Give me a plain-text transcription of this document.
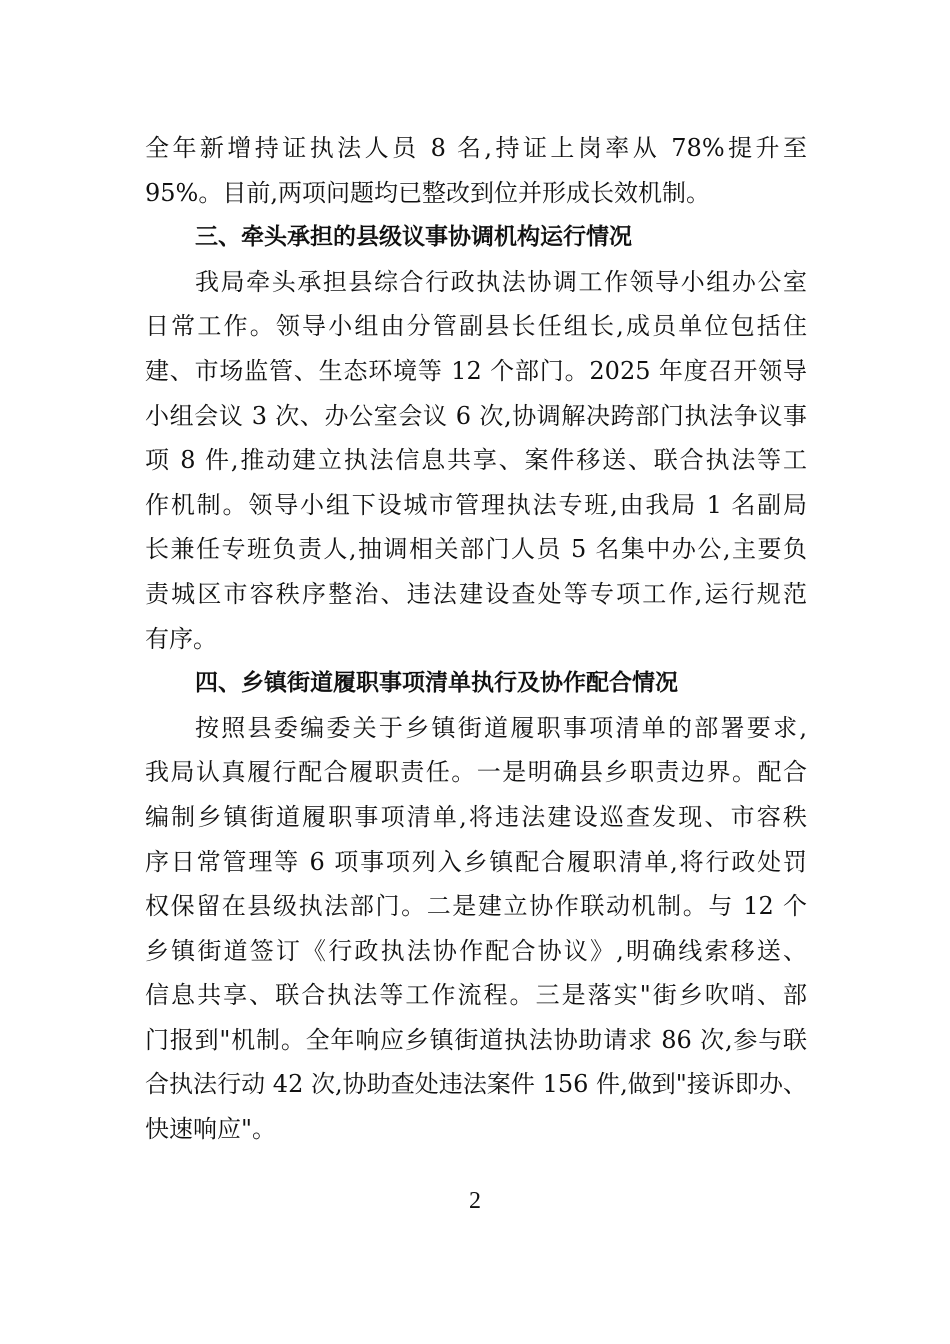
全年新增持证执法人员 8 名,持证上岗率从 78%提升至
95%。目前,两项问题均已整改到位并形成长效机制。
三、牵头承担的县级议事协调机构运行情况
我局牵头承担县综合行政执法协调工作领导小组办公室
日常工作。领导小组由分管副县长任组长,成员单位包括住
建、市场监管、生态环境等 12 个部门。2025 年度召开领导
小组会议 3 次、办公室会议 6 次,协调解决跨部门执法争议事
项 8 件,推动建立执法信息共享、案件移送、联合执法等工
作机制。领导小组下设城市管理执法专班,由我局 1 名副局
长兼任专班负责人,抽调相关部门人员 5 名集中办公,主要负
责城区市容秩序整治、违法建设查处等专项工作,运行规范
有序。
四、乡镇街道履职事项清单执行及协作配合情况
按照县委编委关于乡镇街道履职事项清单的部署要求,
我局认真履行配合履职责任。一是明确县乡职责边界。配合
编制乡镇街道履职事项清单,将违法建设巡查发现、市容秩
序日常管理等 6 项事项列入乡镇配合履职清单,将行政处罚
权保留在县级执法部门。二是建立协作联动机制。与 12 个
乡镇街道签订《行政执法协作配合协议》,明确线索移送、
信息共享、联合执法等工作流程。三是落实"街乡吹哨、部
门报到"机制。全年响应乡镇街道执法协助请求 86 次,参与联
合执法行动 42 次,协助查处违法案件 156 件,做到"接诉即办、
快速响应"。
2
